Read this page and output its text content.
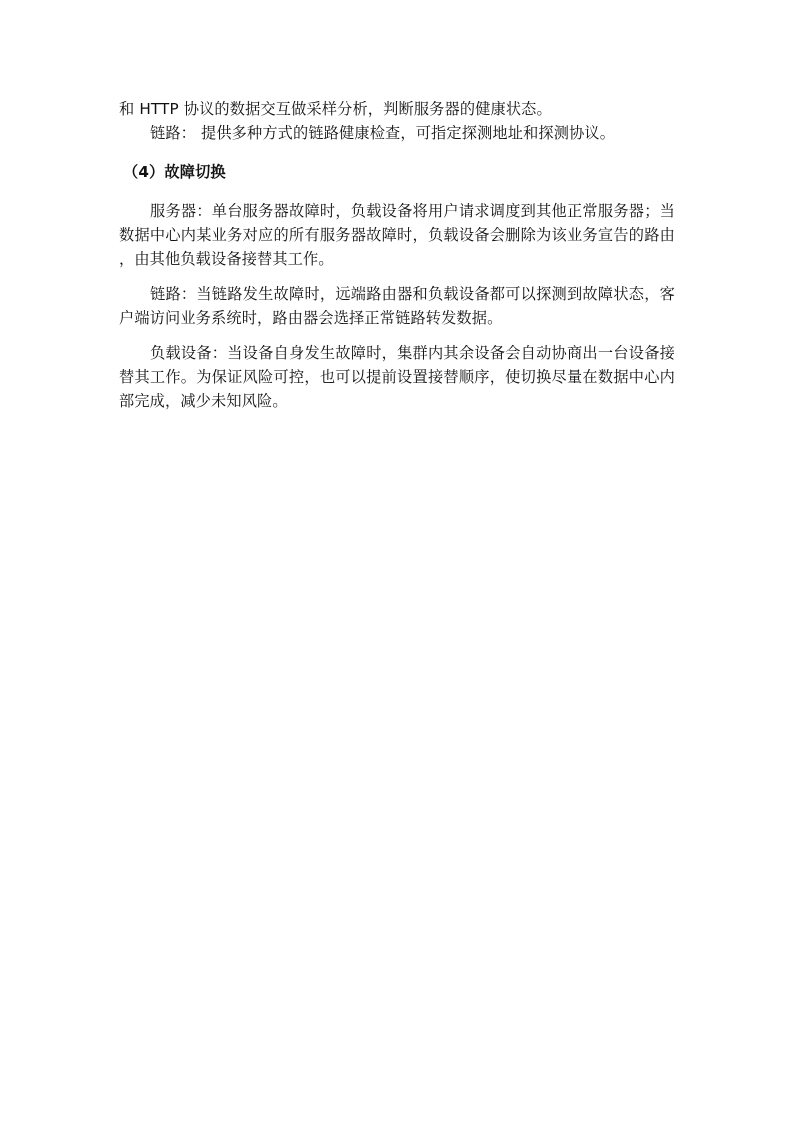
和 HTTP 协议的数据交互做采样分析，判断服务器的健康状态。

链路： 提供多种方式的链路健康检查，可指定探测地址和探测协议。

（4）故障切换

服务器：单台服务器故障时，负载设备将用户请求调度到其他正常服务器；当数据中心内某业务对应的所有服务器故障时，负载设备会删除为该业务宣告的路由，由其他负载设备接替其工作。

链路：当链路发生故障时，远端路由器和负载设备都可以探测到故障状态，客户端访问业务系统时，路由器会选择正常链路转发数据。

负载设备：当设备自身发生故障时，集群内其余设备会自动协商出一台设备接替其工作。为保证风险可控，也可以提前设置接替顺序，使切换尽量在数据中心内部完成，减少未知风险。
